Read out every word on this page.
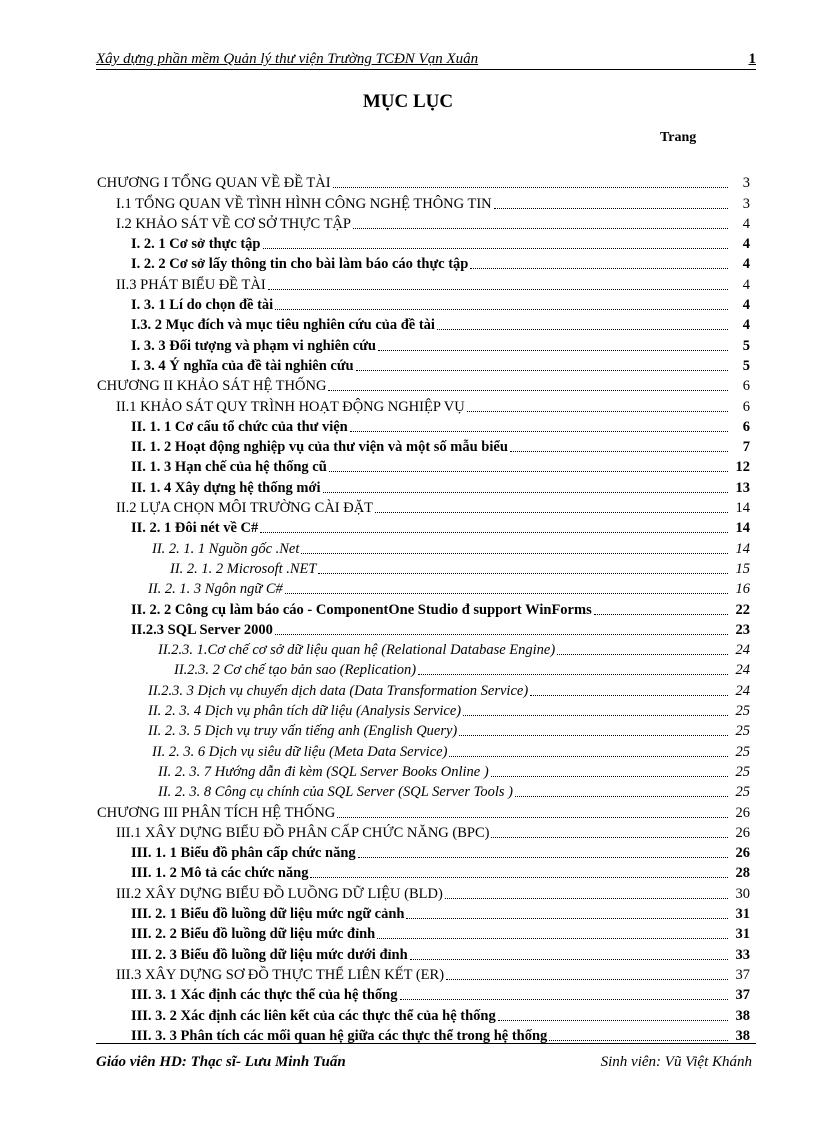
Xây dựng phần mềm Quản lý thư viện Trường TCĐN Vạn Xuân	1
MỤC LỤC
Trang
CHƯƠNG I TỔNG QUAN VỀ ĐỀ TÀI	3
I.1 TỔNG QUAN VỀ TÌNH HÌNH CÔNG NGHỆ THÔNG TIN	3
I.2 KHẢO SÁT VỀ CƠ SỞ THỰC TẬP	4
I. 2. 1 Cơ sở thực tập	4
I. 2. 2 Cơ sở lấy thông tin cho bài làm báo cáo thực tập	4
II.3 PHÁT BIỂU ĐỀ TÀI	4
I. 3. 1 Lí do chọn đề tài	4
I.3. 2 Mục đích và mục tiêu nghiên cứu của đề tài	4
I. 3. 3 Đối tượng và phạm vi nghiên cứu	5
I. 3. 4 Ý nghĩa của đề tài nghiên cứu	5
CHƯƠNG II KHẢO SÁT HỆ THỐNG	6
II.1 KHẢO SÁT QUY TRÌNH HOẠT ĐỘNG NGHIỆP VỤ	6
II. 1. 1 Cơ cấu tổ chức của thư viện	6
II. 1. 2 Hoạt động nghiệp vụ của thư viện và một số mẫu biểu	7
II. 1. 3 Hạn chế của hệ thống cũ	12
II. 1. 4 Xây dựng hệ thống mới	13
II.2 LỰA CHỌN MÔI TRƯỜNG CÀI ĐẶT	14
II. 2. 1 Đôi nét về C#	14
II. 2. 1. 1 Nguồn gốc .Net	14
II. 2. 1. 2 Microsoft .NET	15
II. 2. 1. 3 Ngôn ngữ C#	16
II. 2. 2 Công cụ làm báo cáo - ComponentOne Studio đ support WinForms	22
II.2.3 SQL Server 2000	23
II.2.3. 1.Cơ chế cơ sở dữ liệu quan hệ (Relational Database Engine)	24
II.2.3. 2 Cơ chế tạo bản sao (Replication)	24
II.2.3. 3 Dịch vụ chuyển dịch data (Data Transformation Service)	24
II. 2. 3. 4 Dịch vụ phân tích dữ liệu (Analysis Service)	25
II. 2. 3. 5 Dịch vụ truy vấn tiếng anh (English Query)	25
II. 2. 3. 6 Dịch vụ siêu dữ liệu (Meta Data Service)	25
II. 2. 3. 7 Hướng dẫn đi kèm (SQL Server Books Online )	25
II. 2. 3. 8 Công cụ chính của SQL Server (SQL Server Tools )	25
CHƯƠNG III PHÂN TÍCH HỆ THỐNG	26
III.1 XÂY DỰNG BIỂU ĐỒ PHÂN CẤP CHỨC NĂNG (BPC)	26
III. 1. 1 Biểu đồ phân cấp chức năng	26
III. 1. 2 Mô tả các chức năng	28
III.2 XÂY DỰNG BIỂU ĐỒ LUỒNG DỮ LIỆU (BLD)	30
III. 2. 1 Biểu đồ luồng dữ liệu mức ngữ cảnh	31
III. 2. 2 Biểu đồ luồng dữ liệu mức đỉnh	31
III. 2. 3 Biểu đồ luồng dữ liệu mức dưới đỉnh	33
III.3 XÂY DỰNG SƠ ĐỒ THỰC THỂ LIÊN KẾT (ER)	37
III. 3. 1 Xác định các thực thể của hệ thống	37
III. 3. 2 Xác định các liên kết của các thực thể của hệ thống	38
III. 3. 3 Phân tích các mối quan hệ giữa các thực thể trong hệ thống	38
Giáo viên HD: Thạc sĩ- Lưu Minh Tuấn	Sinh viên: Vũ Việt Khánh
